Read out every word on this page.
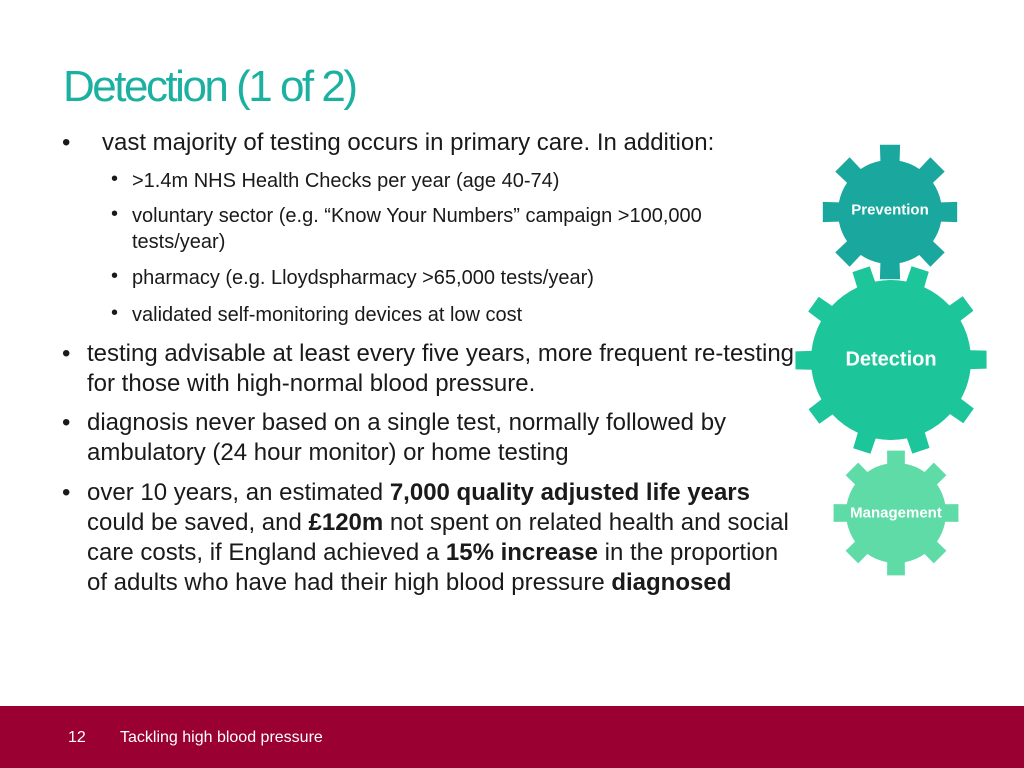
Detection (1 of 2)
•	vast majority of testing occurs in primary care. In addition:
• >1.4m NHS Health Checks per year (age 40-74)
• voluntary sector (e.g. “Know Your Numbers” campaign >100,000 tests/year)
• pharmacy (e.g. Lloydspharmacy >65,000 tests/year)
• validated self-monitoring devices at low cost
• testing advisable at least every five years, more frequent re-testing for those with high-normal blood pressure.
• diagnosis never based on a single test, normally followed by ambulatory (24 hour monitor) or home testing
• over 10 years, an estimated 7,000 quality adjusted life years could be saved, and £120m not spent on related health and social care costs, if England achieved a 15% increase in the proportion of adults who have had their high blood pressure diagnosed
Prevention
Detection
Management
12 Tackling high blood pressure
